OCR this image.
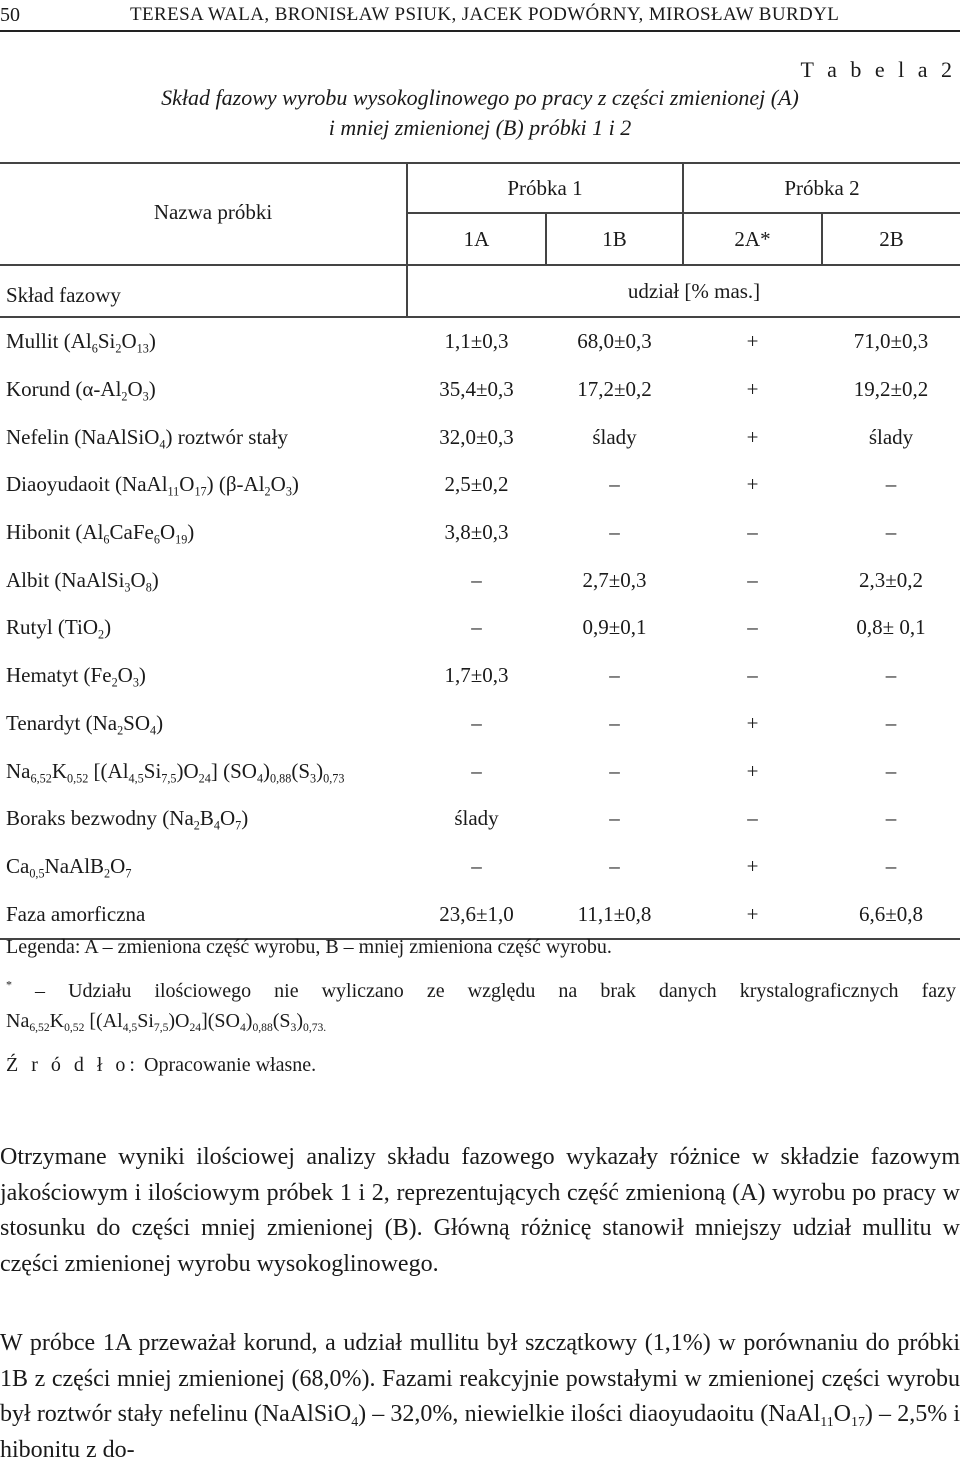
50	TERESA WALA, BRONISŁAW PSIUK, JACEK PODWÓRNY, MIROSŁAW BURDYL
T a b e l a 2
Skład fazowy wyrobu wysokoglinowego po pracy z części zmienionej (A)
i mniej zmienionej (B) próbki 1 i 2
Nazwa próbki	Próbka 1		Próbka 2	
	1A	1B	2A*	2B
Skład fazowy	udział [% mas.]			
Mullit $(Al_6Si_2O_{13})$	1,1±0,3	68,0±0,3	+	71,0±0,3
Korund $(\alpha-Al_2O_3)$	35,4±0,3	17,2±0,2	+	19,2±0,2
Nefelin (NaAlSiO$_4$) roztwór stały	32,0±0,3	ślady	+	ślady
Diaoyudaoit $(NaAl_{11}O_{17})$ $(\beta-Al_2O_3)$	2,5±0,2	–	+	–
Hibonit $(Al_6CaFe_6O_{19})$	3,8±0,3	–	–	–
Albit $(NaAlSi_3O_8)$	–	2,7±0,3	–	2,3±0,2
Rutyl (TiO$_2$)	–	0,9±0,1	–	0,8± 0,1
Hematyt $(Fe_2O_3)$	1,7±0,3	–	–	–
Tenardyt $(Na_2SO_4)$	–	–	+	–
$Na_{6,52}K_{0,52}$ $[(Al_{4,5}Si_{7,5})O_{24}]$ $(SO_4)_{0,88}(S_3)_{0,73}$	–	–	+	–
Boraks bezwodny $(Na_2B_4O_7)$	ślady	–	–	–
$Ca_{0,5}NaAlB_2O_7$	–	–	+	–
Faza amorficzna	23,6±1,0	11,1±0,8	+	6,6±0,8
Legenda: A – zmieniona część wyrobu, B – mniej zmieniona część wyrobu.
* – Udziału ilościowego nie wyliczano ze względu na brak danych krystalograficznych fazy
$Na_{6,52}K_{0,52}$ $[(Al_{4,5}Si_{7,5})O_{24}](SO_4)_{0,88}(S_3)_{0,73.}$
Ź r ó d ł o: Opracowanie własne.

Otrzymane wyniki ilościowej analizy składu fazowego wykazały różnice w składzie fazowym jakościowym i ilościowym próbek 1 i 2, reprezentujących część zmienioną (A) wyrobu po pracy w stosunku do części mniej zmienionej (B). Główną różnicę stanowił mniejszy udział mullitu w części zmienionej wyrobu wysokoglinowego.

W próbce 1A przeważał korund, a udział mullitu był szczątkowy (1,1%) w porównaniu do próbki 1B z części mniej zmienionej (68,0%). Fazami reakcyjnie powstałymi w zmienionej części wyrobu był roztwór stały nefelinu (NaAlSiO$_4$) – 32,0%, niewielkie ilości diaoyudaoitu $(NaAl_{11}O_{17}) - 2,5\%$ i hibonitu z do-
